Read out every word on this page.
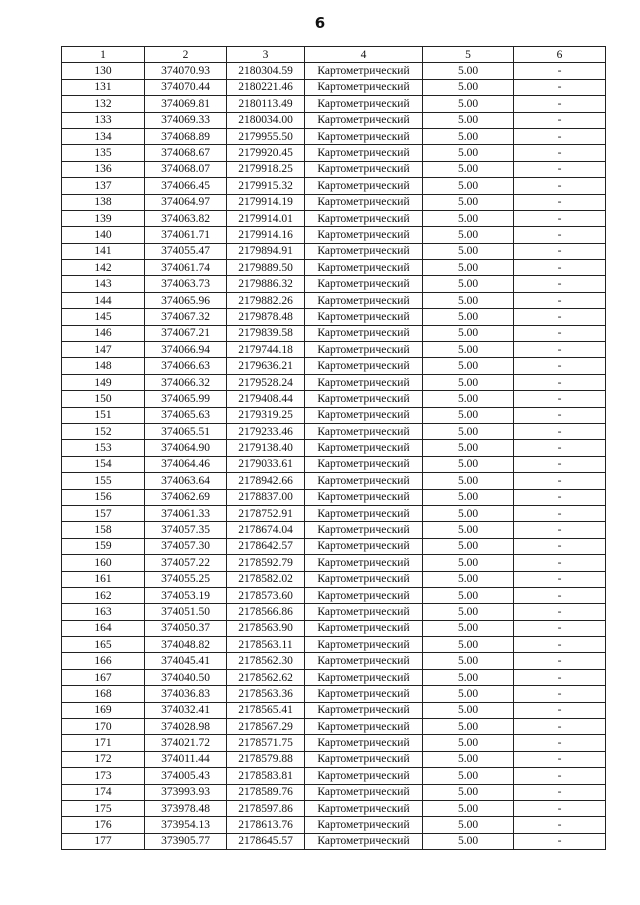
6
1	2	3	4	5	6
130	374070.93	2180304.59	Картометрический	5.00	-
131	374070.44	2180221.46	Картометрический	5.00	-
132	374069.81	2180113.49	Картометрический	5.00	-
133	374069.33	2180034.00	Картометрический	5.00	-
134	374068.89	2179955.50	Картометрический	5.00	-
135	374068.67	2179920.45	Картометрический	5.00	-
136	374068.07	2179918.25	Картометрический	5.00	-
137	374066.45	2179915.32	Картометрический	5.00	-
138	374064.97	2179914.19	Картометрический	5.00	-
139	374063.82	2179914.01	Картометрический	5.00	-
140	374061.71	2179914.16	Картометрический	5.00	-
141	374055.47	2179894.91	Картометрический	5.00	-
142	374061.74	2179889.50	Картометрический	5.00	-
143	374063.73	2179886.32	Картометрический	5.00	-
144	374065.96	2179882.26	Картометрический	5.00	-
145	374067.32	2179878.48	Картометрический	5.00	-
146	374067.21	2179839.58	Картометрический	5.00	-
147	374066.94	2179744.18	Картометрический	5.00	-
148	374066.63	2179636.21	Картометрический	5.00	-
149	374066.32	2179528.24	Картометрический	5.00	-
150	374065.99	2179408.44	Картометрический	5.00	-
151	374065.63	2179319.25	Картометрический	5.00	-
152	374065.51	2179233.46	Картометрический	5.00	-
153	374064.90	2179138.40	Картометрический	5.00	-
154	374064.46	2179033.61	Картометрический	5.00	-
155	374063.64	2178942.66	Картометрический	5.00	-
156	374062.69	2178837.00	Картометрический	5.00	-
157	374061.33	2178752.91	Картометрический	5.00	-
158	374057.35	2178674.04	Картометрический	5.00	-
159	374057.30	2178642.57	Картометрический	5.00	-
160	374057.22	2178592.79	Картометрический	5.00	-
161	374055.25	2178582.02	Картометрический	5.00	-
162	374053.19	2178573.60	Картометрический	5.00	-
163	374051.50	2178566.86	Картометрический	5.00	-
164	374050.37	2178563.90	Картометрический	5.00	-
165	374048.82	2178563.11	Картометрический	5.00	-
166	374045.41	2178562.30	Картометрический	5.00	-
167	374040.50	2178562.62	Картометрический	5.00	-
168	374036.83	2178563.36	Картометрический	5.00	-
169	374032.41	2178565.41	Картометрический	5.00	-
170	374028.98	2178567.29	Картометрический	5.00	-
171	374021.72	2178571.75	Картометрический	5.00	-
172	374011.44	2178579.88	Картометрический	5.00	-
173	374005.43	2178583.81	Картометрический	5.00	-
174	373993.93	2178589.76	Картометрический	5.00	-
175	373978.48	2178597.86	Картометрический	5.00	-
176	373954.13	2178613.76	Картометрический	5.00	-
177	373905.77	2178645.57	Картометрический	5.00	-
